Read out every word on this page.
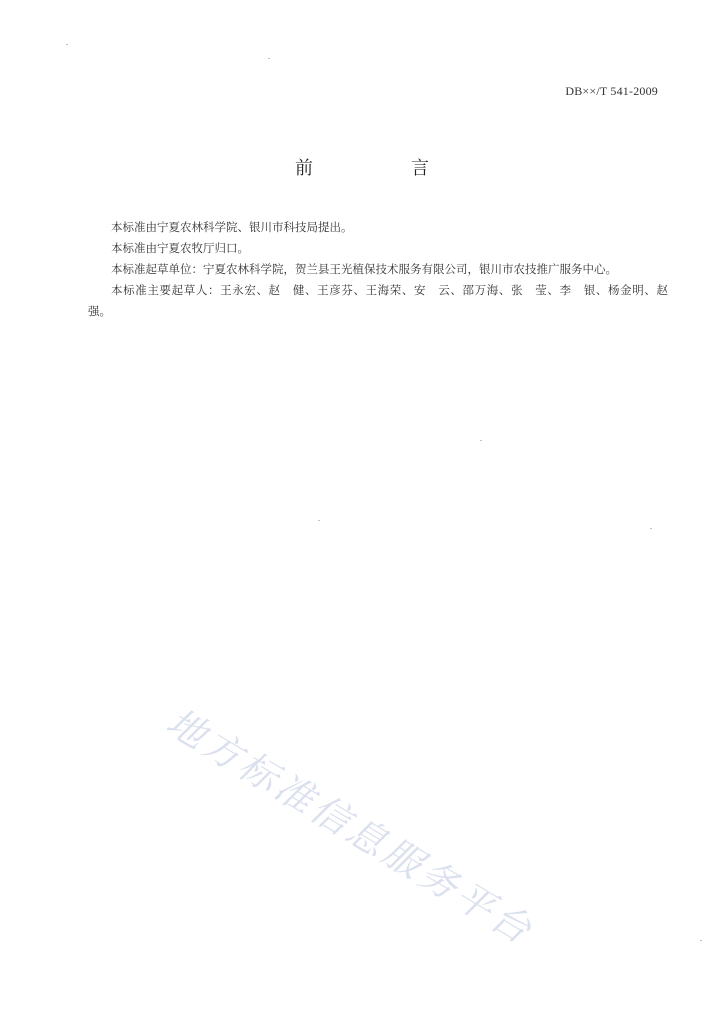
DB××/T 541-2009
前　言

本标准由宁夏农林科学院、银川市科技局提出。

本标准由宁夏农牧厅归口。

本标准起草单位：宁夏农林科学院，贺兰县王光植保技术服务有限公司，银川市农技推广服务中心。

本标准主要起草人：王永宏、赵　健、王彦芬、王海荣、安　云、邵万海、张　莹、李　银、杨金明、赵　强。

地方标准信息服务平台
